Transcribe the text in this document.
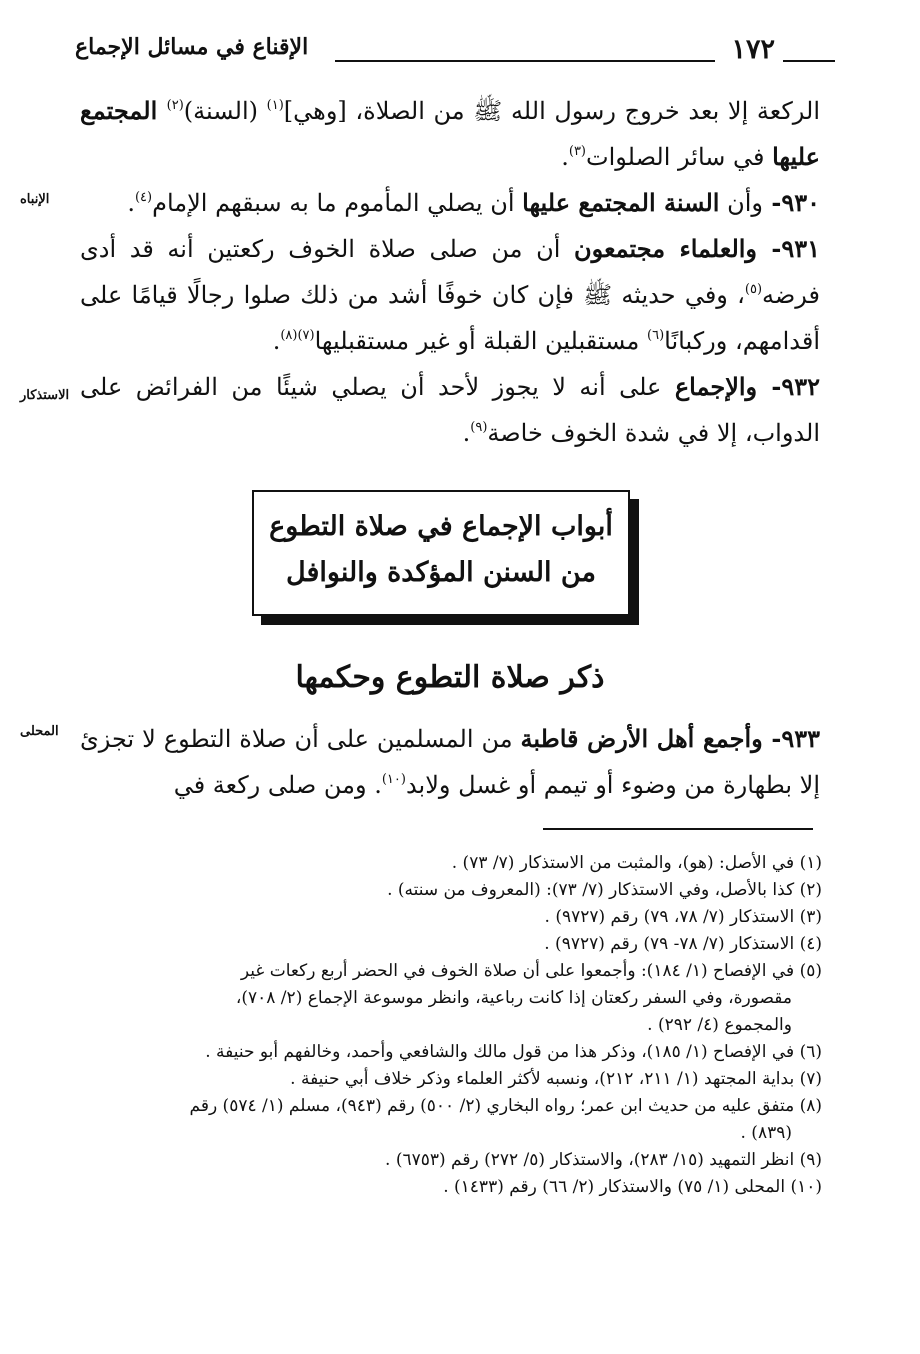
١٧٢
الإقناع في مسائل الإجماع
الإنباه
الاستذكار
المحلى

الركعة إلا بعد خروج رسول الله ﷺ من الصلاة، [وهي]$^{(١)}$ (السنة)$^{(٢)}$ المجتمع عليها في سائر الصلوات$^{(٣)}$.

٩٣٠- وأن السنة المجتمع عليها أن يصلي المأموم ما به سبقهم الإمام$^{(٤)}$.

٩٣١- والعلماء مجتمعون أن من صلى صلاة الخوف ركعتين أنه قد أدى فرضه$^{(٥)}$، وفي حديثه ﷺ فإن كان خوفًا أشد من ذلك صلوا رجالًا قيامًا على أقدامهم، وركبانًا$^{(٦)}$ مستقبلين القبلة أو غير مستقبليها$^{(٧)(٨)}$.

٩٣٢- والإجماع على أنه لا يجوز لأحد أن يصلي شيئًا من الفرائض على الدواب، إلا في شدة الخوف خاصة$^{(٩)}$.

أبواب الإجماع في صلاة التطوع
من السنن المؤكدة والنوافل
ذكر صلاة التطوع وحكمها

٩٣٣- وأجمع أهل الأرض قاطبة من المسلمين على أن صلاة التطوع لا تجزئ إلا بطهارة من وضوء أو تيمم أو غسل ولابد$^{(١٠)}$. ومن صلى ركعة في

(١) في الأصل: (هو)، والمثبت من الاستذكار (٧/ ٧٣) .

(٢) كذا بالأصل، وفي الاستذكار (٧/ ٧٣): (المعروف من سنته) .

(٣) الاستذكار (٧/ ٧٨، ٧٩) رقم (٩٧٢٧) .

(٤) الاستذكار (٧/ ٧٨- ٧٩) رقم (٩٧٢٧) .

(٥) في الإفصاح (١/ ١٨٤): وأجمعوا على أن صلاة الخوف في الحضر أربع ركعات غير

مقصورة، وفي السفر ركعتان إذا كانت رباعية، وانظر موسوعة الإجماع (٢/ ٧٠٨)،

والمجموع (٤/ ٢٩٢) .

(٦) في الإفصاح (١/ ١٨٥)، وذكر هذا من قول مالك والشافعي وأحمد، وخالفهم أبو حنيفة .

(٧) بداية المجتهد (١/ ٢١١، ٢١٢)، ونسبه لأكثر العلماء وذكر خلاف أبي حنيفة .

(٨) متفق عليه من حديث ابن عمر؛ رواه البخاري (٢/ ٥٠٠) رقم (٩٤٣)، مسلم (١/ ٥٧٤) رقم

(٨٣٩) .

(٩) انظر التمهيد (١٥/ ٢٨٣)، والاستذكار (٥/ ٢٧٢) رقم (٦٧٥٣) .

(١٠) المحلى (١/ ٧٥) والاستذكار (٢/ ٦٦) رقم (١٤٣٣) .
